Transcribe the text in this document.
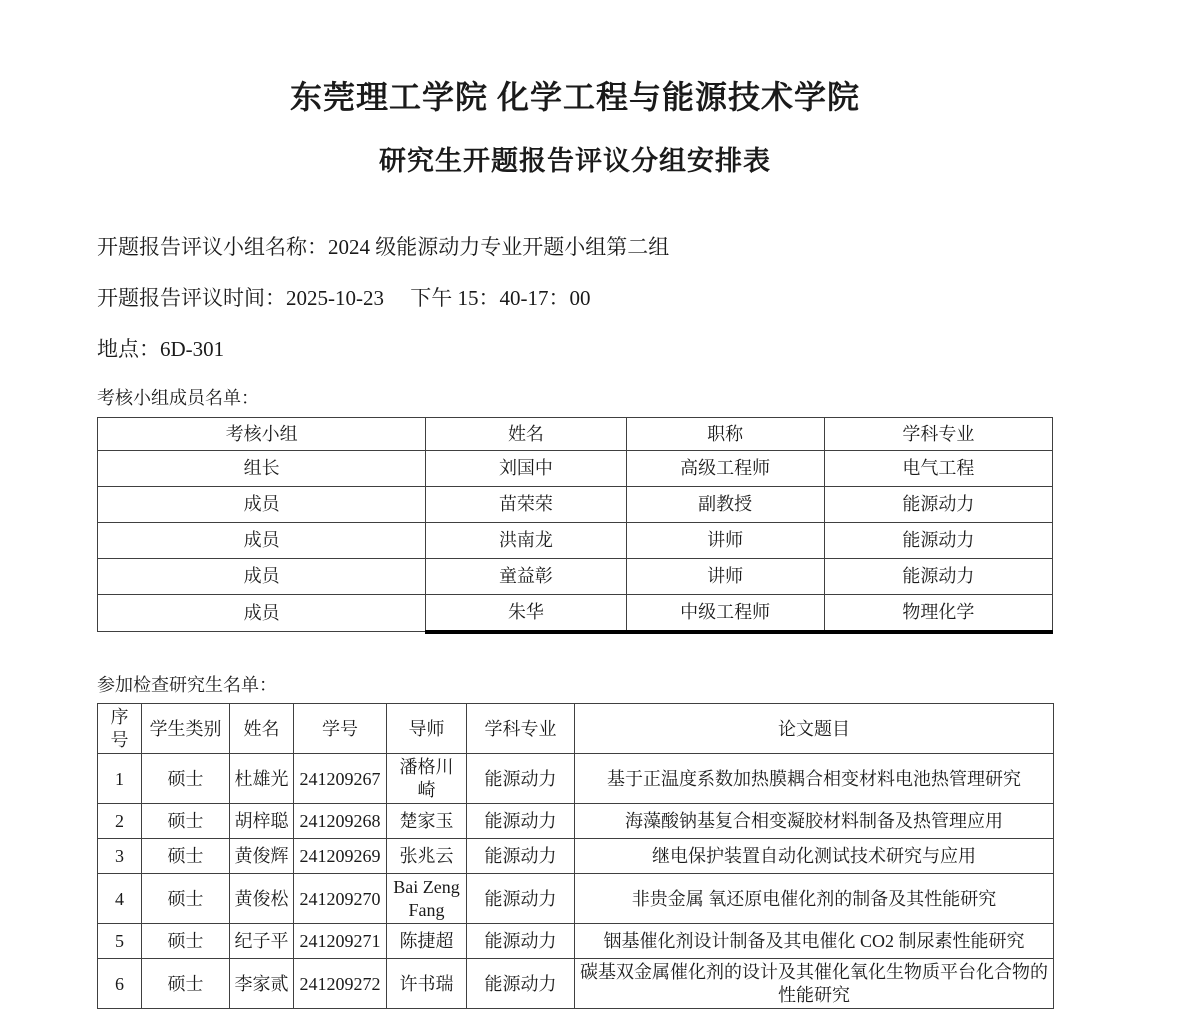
东莞理工学院 化学工程与能源技术学院
研究生开题报告评议分组安排表

开题报告评议小组名称：2024 级能源动力专业开题小组第二组

开题报告评议时间：2025-10-23　 下午 15：40-17：00

地点：6D-301

考核小组成员名单：

考核小组	姓名	职称	学科专业
组长	刘国中	高级工程师	电气工程
成员	苗荣荣	副教授	能源动力
成员	洪南龙	讲师	能源动力
成员	童益彰	讲师	能源动力
成员	朱华	中级工程师	物理化学

参加检查研究生名单：

序号	学生类别	姓名	学号	导师	学科专业	论文题目
1	硕士	杜雄光	241209267	潘格川崎	能源动力	基于正温度系数加热膜耦合相变材料电池热管理研究
2	硕士	胡梓聪	241209268	楚家玉	能源动力	海藻酸钠基复合相变凝胶材料制备及热管理应用
3	硕士	黄俊辉	241209269	张兆云	能源动力	继电保护装置自动化测试技术研究与应用
4	硕士	黄俊松	241209270	Bai Zeng Fang	能源动力	非贵金属 氧还原电催化剂的制备及其性能研究
5	硕士	纪子平	241209271	陈捷超	能源动力	铟基催化剂设计制备及其电催化 CO2 制尿素性能研究
6	硕士	李家贰	241209272	许书瑞	能源动力	碳基双金属催化剂的设计及其催化氧化生物质平台化合物的性能研究
